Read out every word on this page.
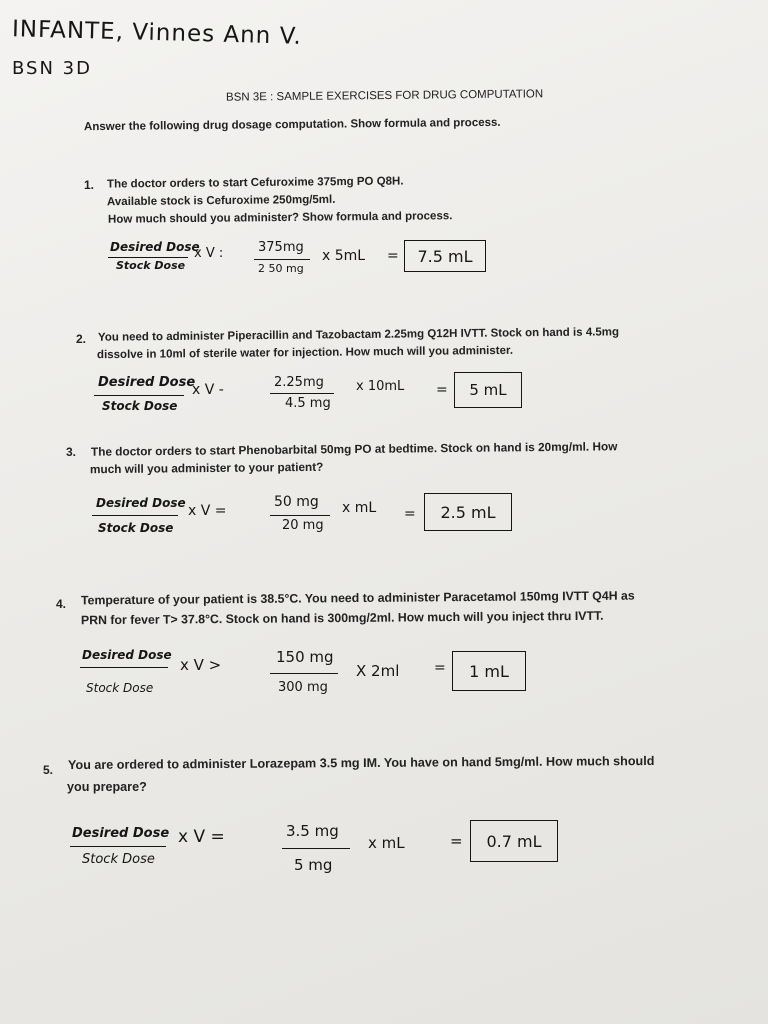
INFANTE, Vinnes Ann V.
BSN 3D
BSN 3E : SAMPLE EXERCISES FOR DRUG COMPUTATION
Answer the following drug dosage computation. Show formula and process.
1. The doctor orders to start Cefuroxime 375mg PO Q8H.
Available stock is Cefuroxime 250mg/5ml.
How much should you administer? Show formula and process.
Desired Dose
Stock Dose
x V :	375mg
2 50 mg
x 5mL = 7.5 mL
2. You need to administer Piperacillin and Tazobactam 2.25mg Q12H IVTT. Stock on hand is 4.5mg
dissolve in 10ml of sterile water for injection. How much will you administer.
Desired Dose
Stock Dose
x V -	2.25mg
4.5 mg
x 10mL = 5 mL
3. The doctor orders to start Phenobarbital 50mg PO at bedtime. Stock on hand is 20mg/ml. How
much will you administer to your patient?
Desired Dose
Stock Dose
x V =
50 mg
20 mg
x mL = 2.5 mL
4. Temperature of your patient is 38.5°C. You need to administer Paracetamol 150mg IVTT Q4H as
PRN for fever T> 37.8°C. Stock on hand is 300mg/2ml. How much will you inject thru IVTT.
Desired Dose
Stock Dose
x V >	150 mg
300 mg
X 2ml = 1 mL
5. You are ordered to administer Lorazepam 3.5 mg IM. You have on hand 5mg/ml. How much should
you prepare?
Desired Dose
Stock Dose
x V =	3.5 mg
5 mg
x mL	= 0.7 mL
